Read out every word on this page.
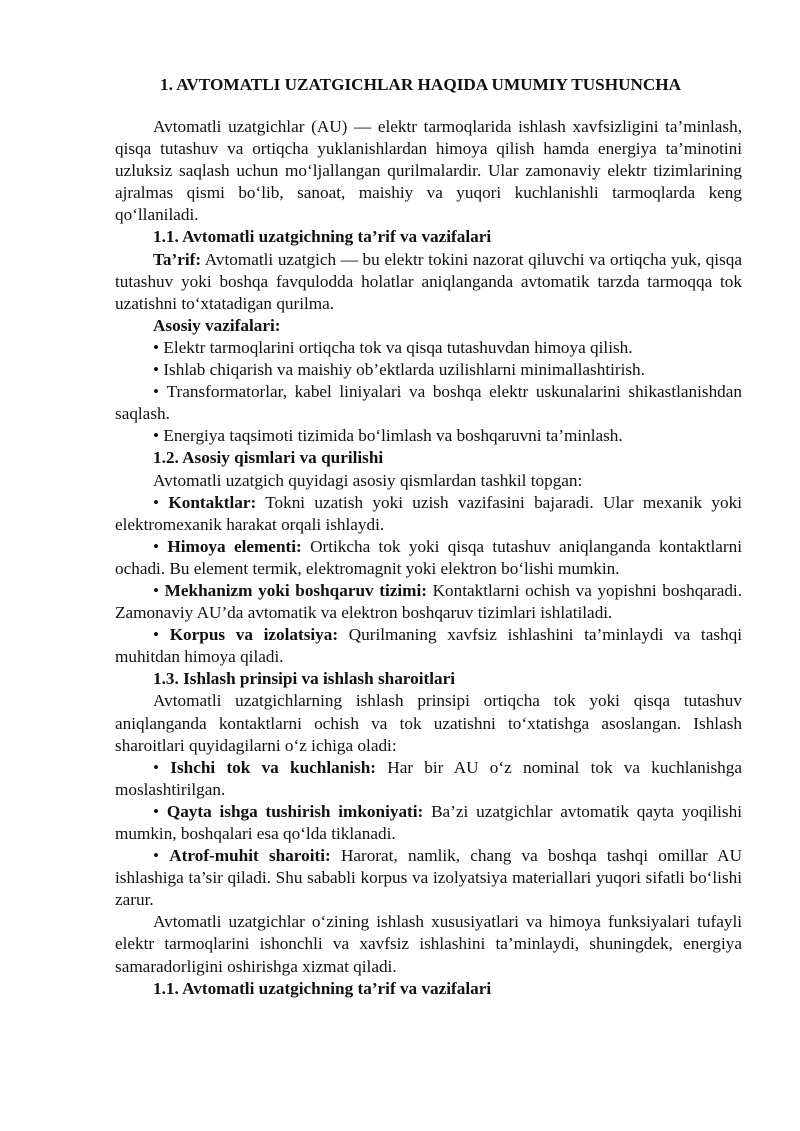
1. AVTOMATLI UZATGICHLAR HAQIDA UMUMIY TUSHUNCHA

Avtomatli uzatgichlar (AU) — elektr tarmoqlarida ishlash xavfsizligini ta’minlash, qisqa tutashuv va ortiqcha yuklanishlardan himoya qilish hamda energiya ta’minotini uzluksiz saqlash uchun mo‘ljallangan qurilmalardir. Ular zamonaviy elektr tizimlarining ajralmas qismi bo‘lib, sanoat, maishiy va yuqori kuchlanishli tarmoqlarda keng qo‘llaniladi.

1.1. Avtomatli uzatgichning ta’rif va vazifalari

Ta’rif: Avtomatli uzatgich — bu elektr tokini nazorat qiluvchi va ortiqcha yuk, qisqa tutashuv yoki boshqa favqulodda holatlar aniqlanganda avtomatik tarzda tarmoqqa tok uzatishni to‘xtatadigan qurilma.

Asosiy vazifalari:

• Elektr tarmoqlarini ortiqcha tok va qisqa tutashuvdan himoya qilish.

• Ishlab chiqarish va maishiy ob’ektlarda uzilishlarni minimallashtirish.

• Transformatorlar, kabel liniyalari va boshqa elektr uskunalarini shikastlanishdan saqlash.

• Energiya taqsimoti tizimida bo‘limlash va boshqaruvni ta’minlash.

1.2. Asosiy qismlari va qurilishi

Avtomatli uzatgich quyidagi asosiy qismlardan tashkil topgan:

• Kontaktlar: Tokni uzatish yoki uzish vazifasini bajaradi. Ular mexanik yoki elektromexanik harakat orqali ishlaydi.

• Himoya elementi: Ortikcha tok yoki qisqa tutashuv aniqlanganda kontaktlarni ochadi. Bu element termik, elektromagnit yoki elektron bo‘lishi mumkin.

• Mekhanizm yoki boshqaruv tizimi: Kontaktlarni ochish va yopishni boshqaradi. Zamonaviy AU’da avtomatik va elektron boshqaruv tizimlari ishlatiladi.

• Korpus va izolatsiya: Qurilmaning xavfsiz ishlashini ta’minlaydi va tashqi muhitdan himoya qiladi.

1.3. Ishlash prinsipi va ishlash sharoitlari

Avtomatli uzatgichlarning ishlash prinsipi ortiqcha tok yoki qisqa tutashuv aniqlanganda kontaktlarni ochish va tok uzatishni to‘xtatishga asoslangan. Ishlash sharoitlari quyidagilarni o‘z ichiga oladi:

• Ishchi tok va kuchlanish: Har bir AU o‘z nominal tok va kuchlanishga moslashtirilgan.

• Qayta ishga tushirish imkoniyati: Ba’zi uzatgichlar avtomatik qayta yoqilishi mumkin, boshqalari esa qo‘lda tiklanadi.

• Atrof-muhit sharoiti: Harorat, namlik, chang va boshqa tashqi omillar AU ishlashiga ta’sir qiladi. Shu sababli korpus va izolyatsiya materiallari yuqori sifatli bo‘lishi zarur.

Avtomatli uzatgichlar o‘zining ishlash xususiyatlari va himoya funksiyalari tufayli elektr tarmoqlarini ishonchli va xavfsiz ishlashini ta’minlaydi, shuningdek, energiya samaradorligini oshirishga xizmat qiladi.

1.1. Avtomatli uzatgichning ta’rif va vazifalari
